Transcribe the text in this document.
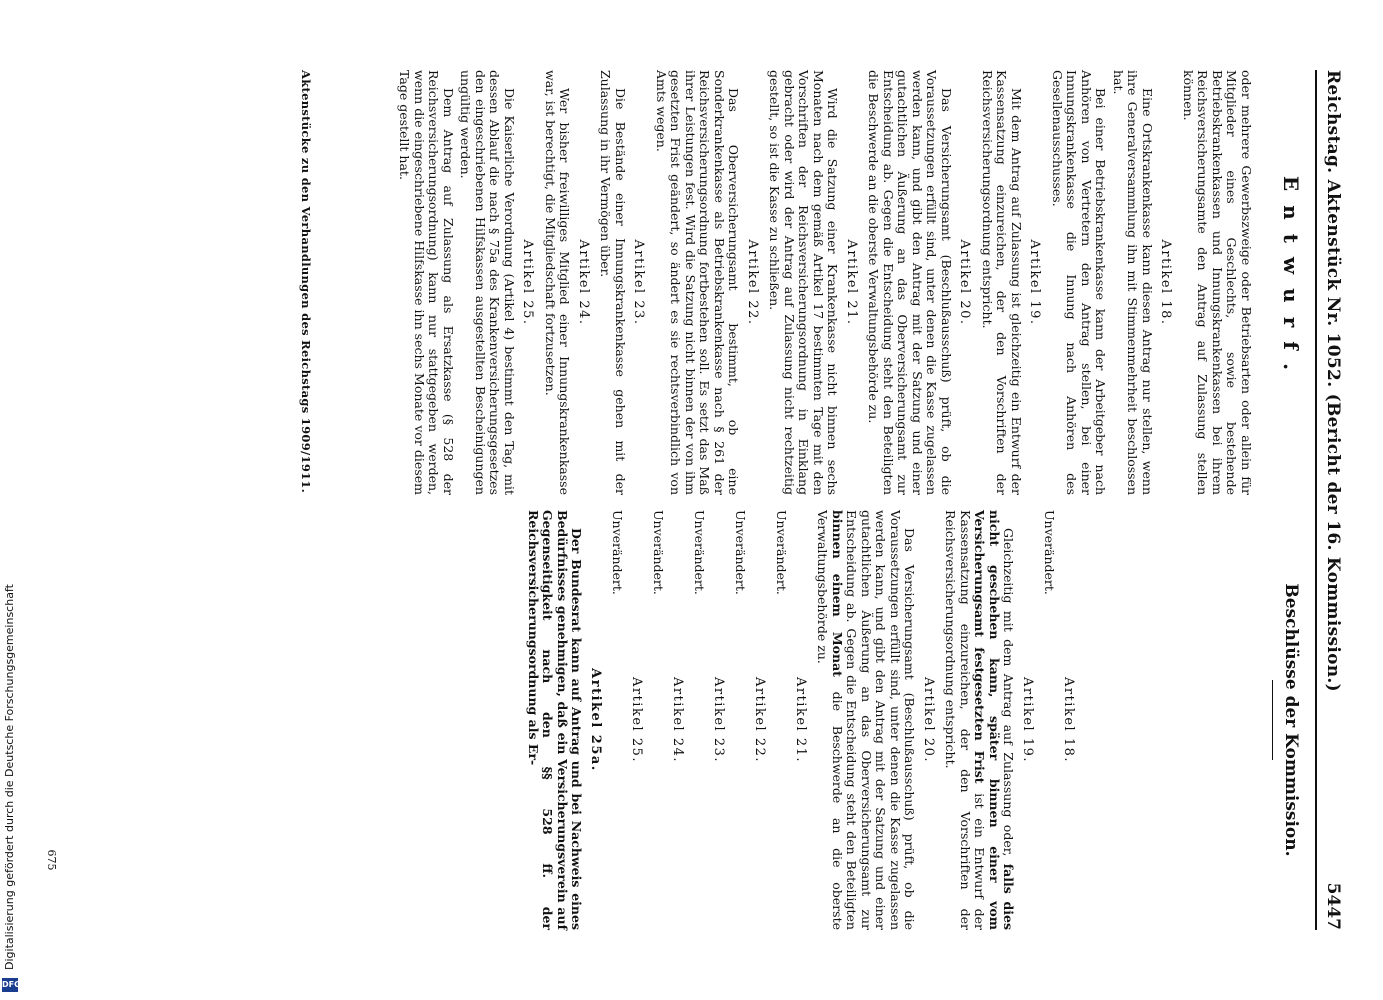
Digitalisierung gefördert durch die Deutsche Forschungsgemeinschaft
DFG
Reichstag. Aktenstück Nr. 1052. (Bericht der 16. Kommission.)
5447
Entwurf.
Beschlüsse der Kommission.

oder mehrere Gewerbszweige oder Betriebsarten oder allein für Mitglieder eines Geschlechts, sowie bestehende Betriebskrankenkassen und Innungskrankenkassen bei ihrem Reichsversicherungsamte den Antrag auf Zulassung stellen können.

Artikel 18.

Eine Ortskrankenkasse kann diesen Antrag nur stellen, wenn ihre Generalversammlung ihn mit Stimmenmehrheit beschlossen hat.

Bei einer Betriebskrankenkasse kann der Arbeitgeber nach Anhören von Vertretern den Antrag stellen, bei einer Innungskrankenkasse die Innung nach Anhören des Gesellenausschusses.

Artikel 19.

Mit dem Antrag auf Zulassung ist gleichzeitig ein Entwurf der Kassensatzung einzureichen, der den Vorschriften der Reichsversicherungsordnung entspricht.

Artikel 20.

Das Versicherungsamt (Beschlußausschuß) prüft, ob die Voraussetzungen erfüllt sind, unter denen die Kasse zugelassen werden kann, und gibt den Antrag mit der Satzung und einer gutachtlichen Äußerung an das Oberversicherungsamt zur Entscheidung ab. Gegen die Entscheidung steht den Beteiligten die Beschwerde an die oberste Verwaltungsbehörde zu.

Artikel 21.

Wird die Satzung einer Krankenkasse nicht binnen sechs Monaten nach dem gemäß Artikel 17 bestimmten Tage mit den Vorschriften der Reichsversicherungsordnung in Einklang gebracht oder wird der Antrag auf Zulassung nicht rechtzeitig gestellt, so ist die Kasse zu schließen.

Artikel 22.

Das Oberversicherungsamt bestimmt, ob eine Sonderkrankenkasse als Betriebskrankenkasse nach § 261 der Reichsversicherungsordnung fortbestehen soll. Es setzt das Maß ihrer Leistungen fest. Wird die Satzung nicht binnen der von ihm gesetzten Frist geändert, so ändert es sie rechtsverbindlich von Amts wegen.

Artikel 23.

Die Bestände einer Innungskrankenkasse gehen mit der Zulassung in ihr Vermögen über.

Artikel 24.

Wer bisher freiwilliges Mitglied einer Innungskrankenkasse war, ist berechtigt, die Mitgliedschaft fortzusetzen.

Artikel 25.

Die Kaiserliche Verordnung (Artikel 4) bestimmt den Tag, mit dessen Ablauf die nach § 75a des Krankenversicherungsgesetzes den eingeschriebenen Hilfskassen ausgestellten Bescheinigungen ungültig werden.

Dem Antrag auf Zulassung als Ersatzkasse (§ 528 der Reichsversicherungsordnung) kann nur stattgegeben werden, wenn die eingeschriebene Hilfskasse ihn sechs Monate vor diesem Tage gestellt hat.

Aktenstücke zu den Verhandlungen des Reichstags 1909/1911.
Artikel 18.

Unverändert.

Artikel 19.

Gleichzeitig mit dem Antrag auf Zulassung oder, falls dies nicht geschehen kann, später binnen einer vom Versicherungsamt festgesetzten Frist ist ein Entwurf der Kassensatzung einzureichen, der den Vorschriften der Reichsversicherungsordnung entspricht.

Artikel 20.

Das Versicherungsamt (Beschlußausschuß) prüft, ob die Voraussetzungen erfüllt sind, unter denen die Kasse zugelassen werden kann, und gibt den Antrag mit der Satzung und einer gutachtlichen Äußerung an das Oberversicherungsamt zur Entscheidung ab. Gegen die Entscheidung steht den Beteiligten binnen einem Monat die Beschwerde an die oberste Verwaltungsbehörde zu.

Artikel 21.

Unverändert.

Artikel 22.

Unverändert.

Artikel 23.

Unverändert.

Artikel 24.

Unverändert.

Artikel 25.

Unverändert.

Artikel 25a.

Der Bundesrat kann auf Antrag und bei Nachweis eines Bedürfnisses genehmigen, daß ein Versicherungsverein auf Gegenseitigkeit nach den §§ 528 ff. der Reichsversicherungsordnung als Er-

675
